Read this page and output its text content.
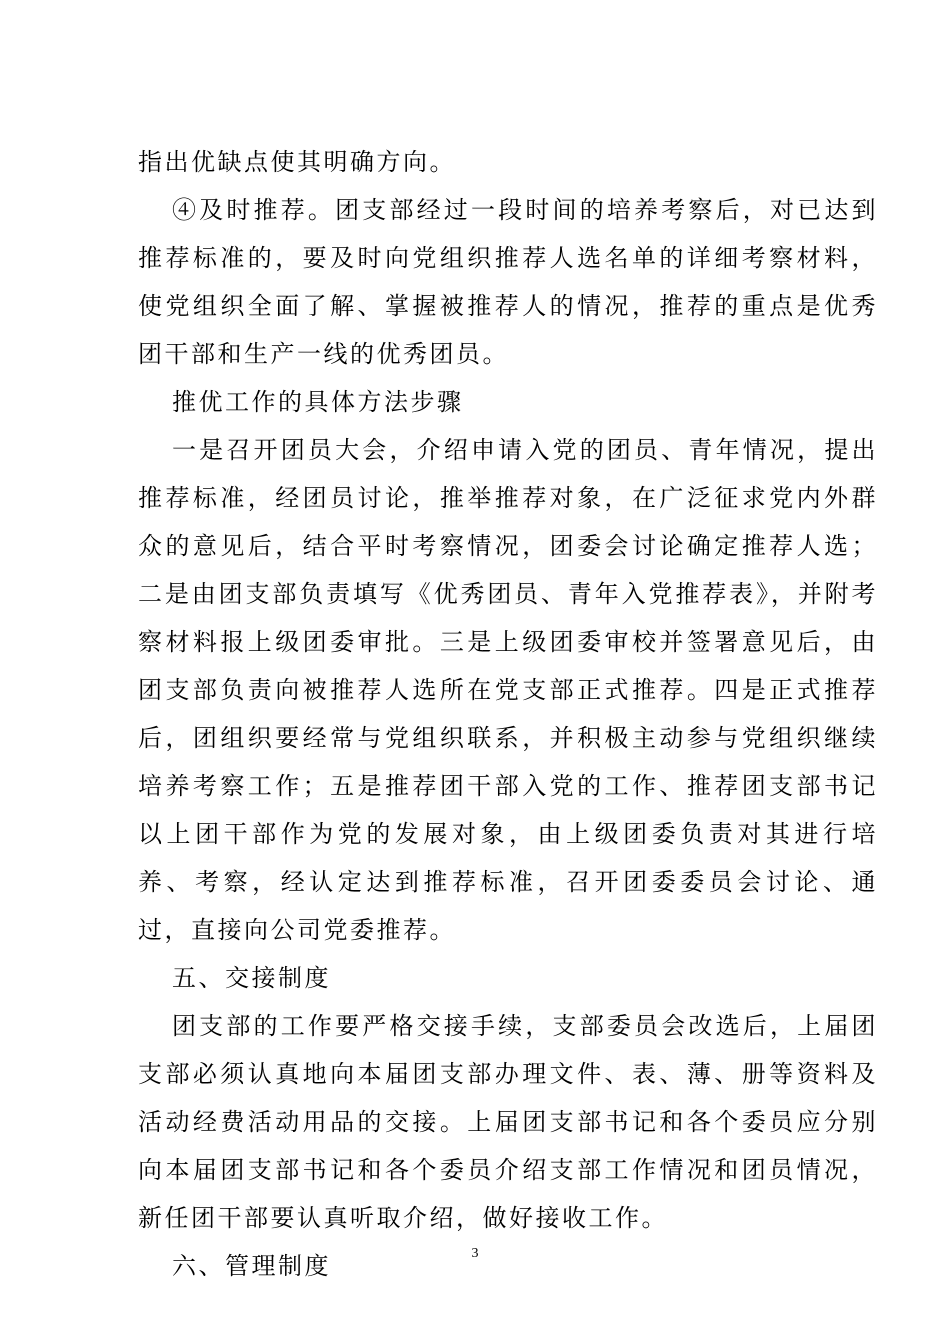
指出优缺点使其明确方向。

④及时推荐。团支部经过一段时间的培养考察后，对已达到推荐标准的，要及时向党组织推荐人选名单的详细考察材料，使党组织全面了解、掌握被推荐人的情况，推荐的重点是优秀团干部和生产一线的优秀团员。

推优工作的具体方法步骤

一是召开团员大会，介绍申请入党的团员、青年情况，提出推荐标准，经团员讨论，推举推荐对象，在广泛征求党内外群众的意见后，结合平时考察情况，团委会讨论确定推荐人选；二是由团支部负责填写《优秀团员、青年入党推荐表》，并附考察材料报上级团委审批。三是上级团委审校并签署意见后，由团支部负责向被推荐人选所在党支部正式推荐。四是正式推荐后，团组织要经常与党组织联系，并积极主动参与党组织继续培养考察工作；五是推荐团干部入党的工作、推荐团支部书记以上团干部作为党的发展对象，由上级团委负责对其进行培养、考察，经认定达到推荐标准，召开团委委员会讨论、通过，直接向公司党委推荐。

五、交接制度

团支部的工作要严格交接手续，支部委员会改选后，上届团支部必须认真地向本届团支部办理文件、表、薄、册等资料及活动经费活动用品的交接。上届团支部书记和各个委员应分别向本届团支部书记和各个委员介绍支部工作情况和团员情况，新任团干部要认真听取介绍，做好接收工作。

六、管理制度	3
